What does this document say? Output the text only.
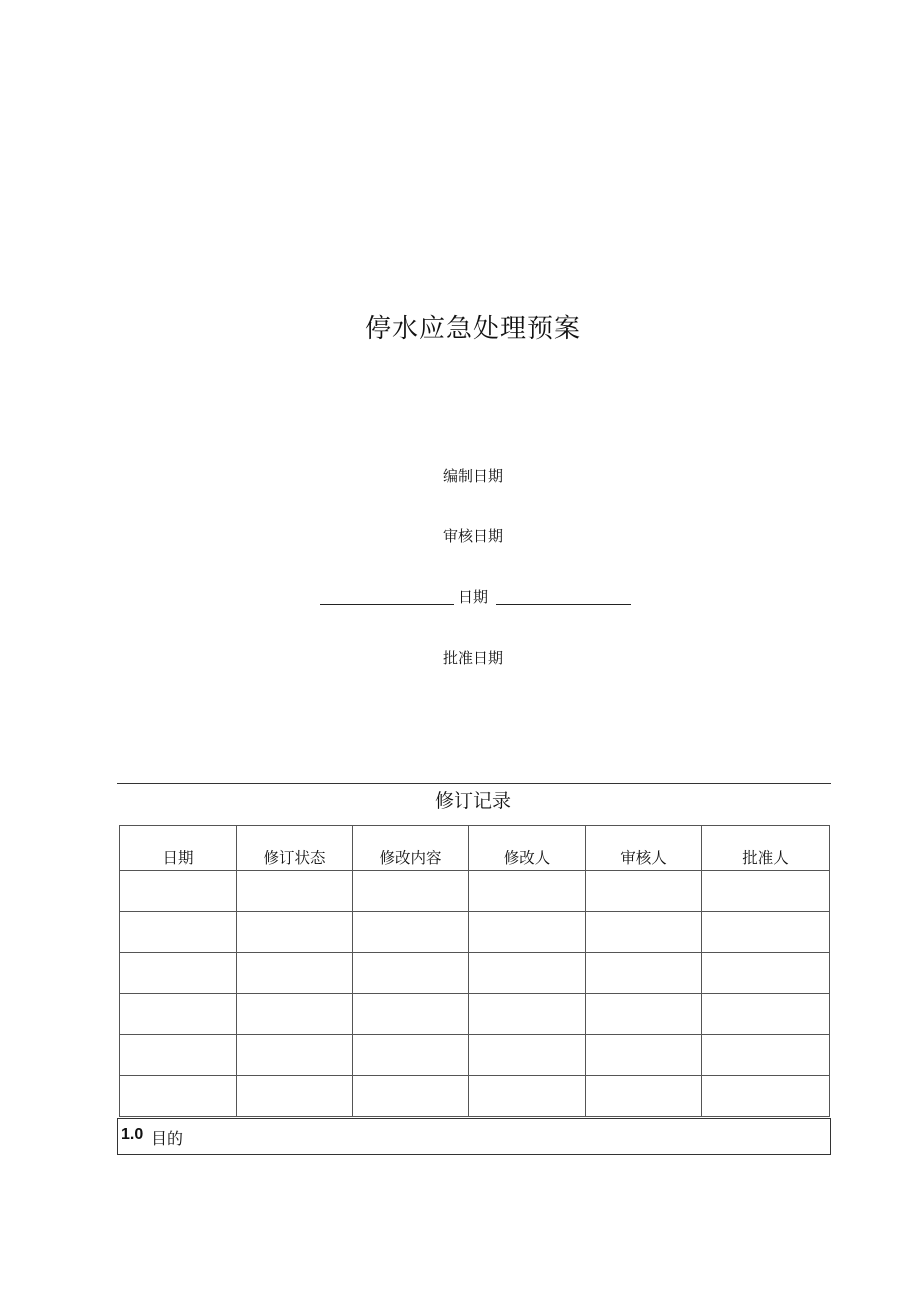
停水应急处理预案
编制日期
审核日期
日期
批准日期
修订记录
日期	修订状态	修改内容	修改人	审核人	批准人

1.0 目的
